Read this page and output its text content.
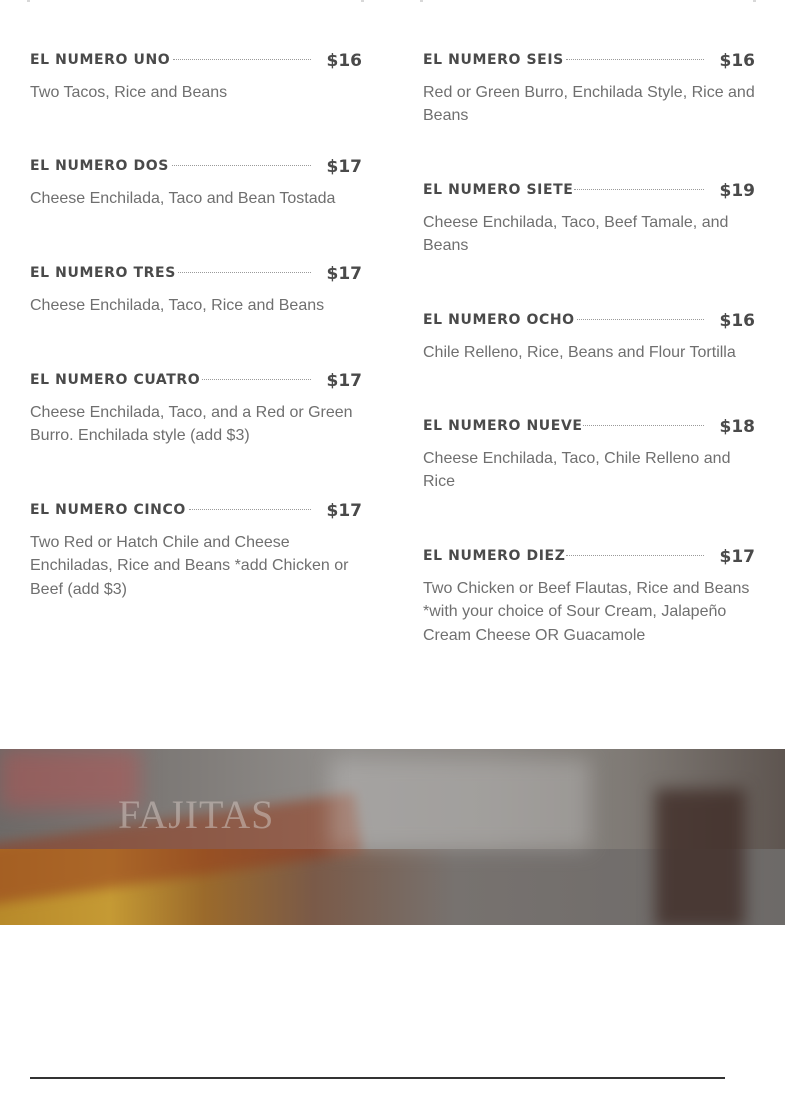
EL NUMERO UNO	$16
Two Tacos, Rice and Beans
EL NUMERO DOS	$17
Cheese Enchilada, Taco and Bean Tostada
EL NUMERO TRES	$17
Cheese Enchilada, Taco, Rice and Beans
EL NUMERO CUATRO	$17
Cheese Enchilada, Taco, and a Red or Green Burro. Enchilada style (add $3)
EL NUMERO CINCO	$17
Two Red or Hatch Chile and Cheese Enchiladas, Rice and Beans *add Chicken or Beef (add $3)
EL NUMERO SEIS	$16
Red or Green Burro, Enchilada Style, Rice and Beans
EL NUMERO SIETE	$19
Cheese Enchilada, Taco, Beef Tamale, and Beans
EL NUMERO OCHO	$16
Chile Relleno, Rice, Beans and Flour Tortilla
EL NUMERO NUEVE	$18
Cheese Enchilada, Taco, Chile Relleno and Rice
EL NUMERO DIEZ	$17
Two Chicken or Beef Flautas, Rice and Beans *with your choice of Sour Cream, Jalapeño Cream Cheese OR Guacamole
FAJITAS
